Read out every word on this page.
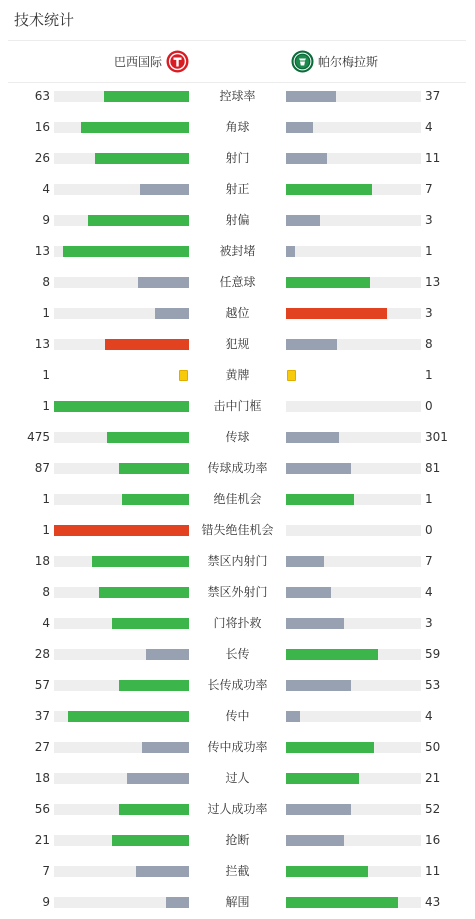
技术统计
巴西国际	帕尔梅拉斯
63	控球率	37
16	角球	4
26	射门	11
4	射正	7
9	射偏	3
13	被封堵	1
8	任意球	13
1	越位	3
13	犯规	8
1	黄牌	1
1	击中门框	0
475	传球	301
87	传球成功率	81
1	绝佳机会	1
1	错失绝佳机会	0
18	禁区内射门	7
8	禁区外射门	4
4	门将扑救	3
28	长传	59
57	长传成功率	53
37	传中	4
27	传中成功率	50
18	过人	21
56	过人成功率	52
21	抢断	16
7	拦截	11
9	解围	43
